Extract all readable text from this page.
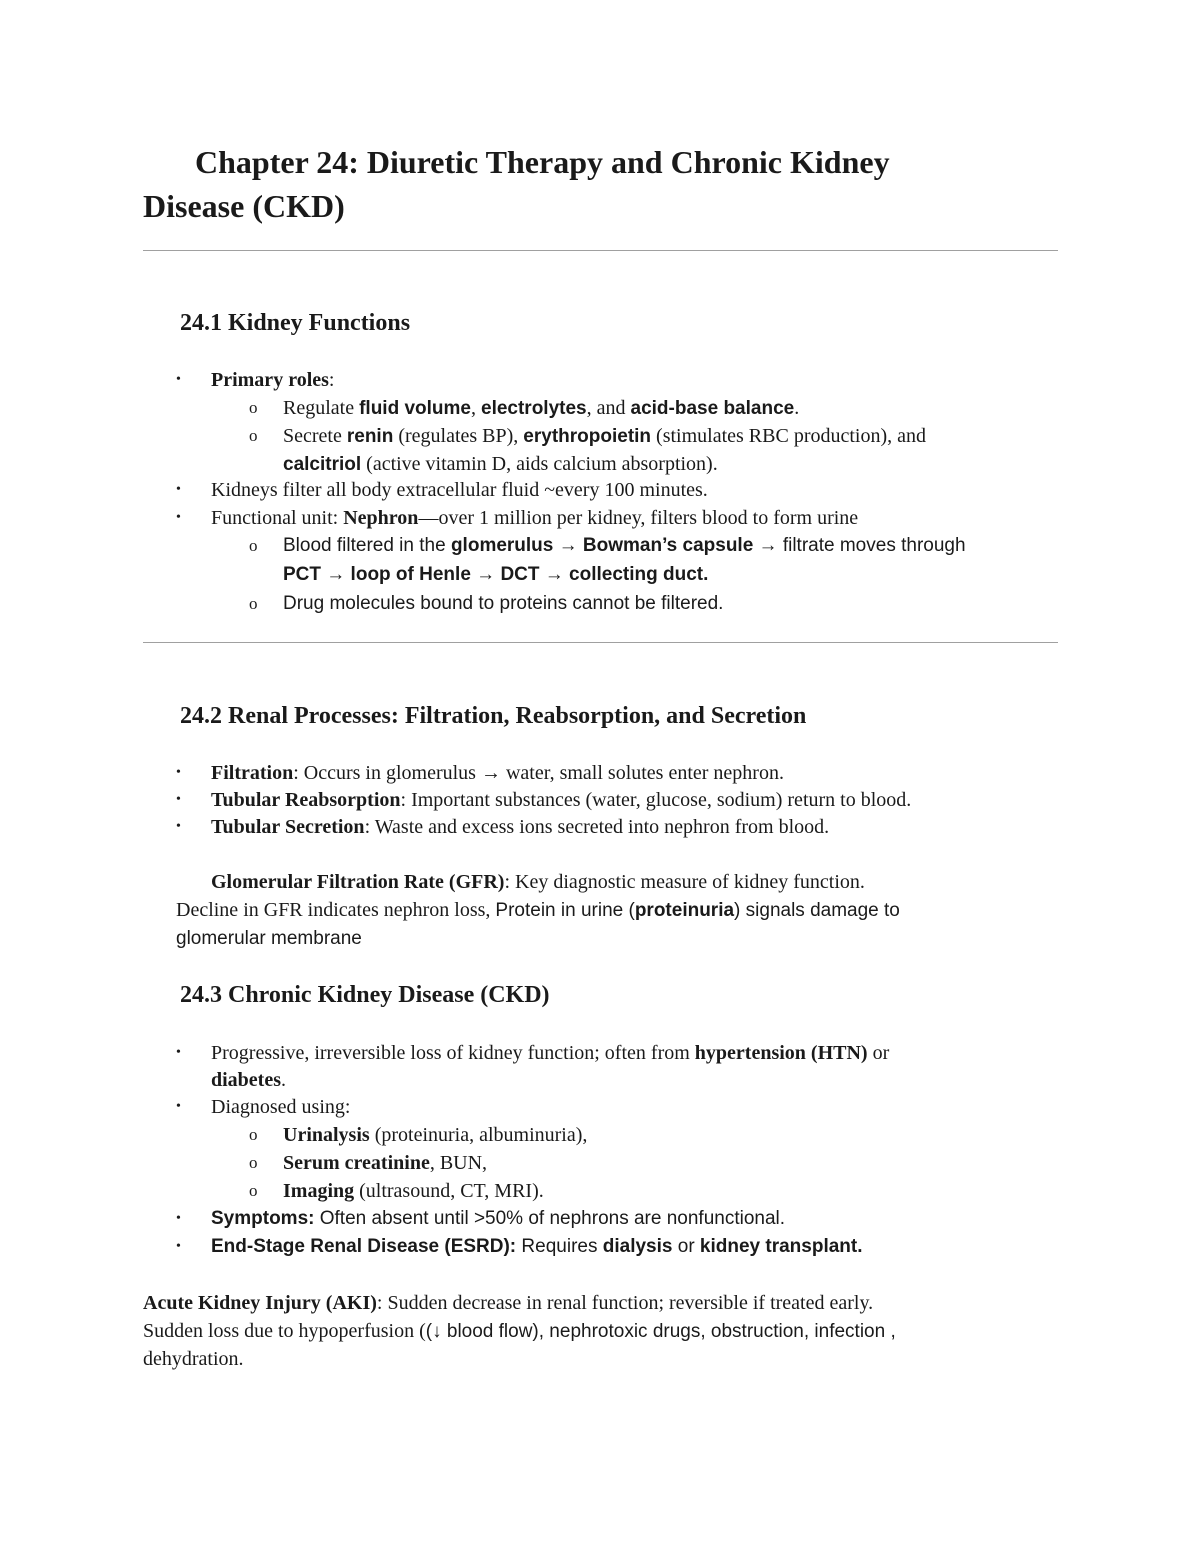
Chapter 24: Diuretic Therapy and Chronic Kidney
Disease (CKD)
24.1 Kidney Functions
• Primary roles:
o Regulate fluid volume, electrolytes, and acid-base balance.
o Secrete renin (regulates BP), erythropoietin (stimulates RBC production), and
calcitriol (active vitamin D, aids calcium absorption).
• Kidneys filter all body extracellular fluid ~every 100 minutes.
• Functional unit: Nephron—over 1 million per kidney, filters blood to form urine
o Blood filtered in the glomerulus → Bowman’s capsule → filtrate moves through
PCT → loop of Henle → DCT → collecting duct.
o Drug molecules bound to proteins cannot be filtered.
24.2 Renal Processes: Filtration, Reabsorption, and Secretion
• Filtration: Occurs in glomerulus → water, small solutes enter nephron.
• Tubular Reabsorption: Important substances (water, glucose, sodium) return to blood.
• Tubular Secretion: Waste and excess ions secreted into nephron from blood.
Glomerular Filtration Rate (GFR): Key diagnostic measure of kidney function.
Decline in GFR indicates nephron loss, Protein in urine (proteinuria) signals damage to
glomerular membrane
24.3 Chronic Kidney Disease (CKD)
• Progressive, irreversible loss of kidney function; often from hypertension (HTN) or
diabetes.
• Diagnosed using:
o Urinalysis (proteinuria, albuminuria),
o Serum creatinine, BUN,
o Imaging (ultrasound, CT, MRI).
• Symptoms: Often absent until >50% of nephrons are nonfunctional.
• End-Stage Renal Disease (ESRD): Requires dialysis or kidney transplant.
Acute Kidney Injury (AKI): Sudden decrease in renal function; reversible if treated early.
Sudden loss due to hypoperfusion ((↓ blood flow), nephrotoxic drugs, obstruction, infection ,
dehydration.
